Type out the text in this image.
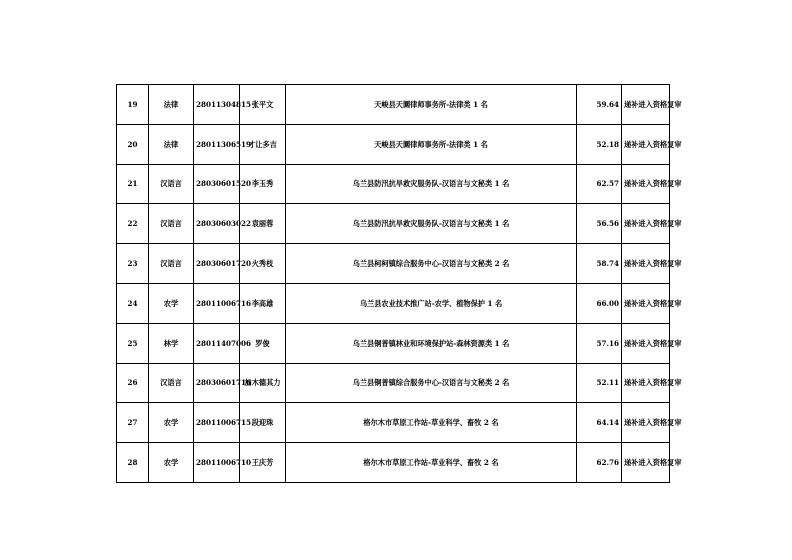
19	法律	28011304815	张平文	天峻县天圜律师事务所-法律类 1 名	59.64	递补进入资格复审
20	法律	28011306519	才让多吉	天峻县天圜律师事务所-法律类 1 名	52.18	递补进入资格复审
21	汉语言	28030601520	李玉秀	乌兰县防汛抗旱救灾服务队-汉语言与文秘类 1 名	62.57	递补进入资格复审
22	汉语言	28030603022	袁丽蓉	乌兰县防汛抗旱救灾服务队-汉语言与文秘类 1 名	56.56	递补进入资格复审
23	汉语言	28030601720	火秀枝	乌兰县柯柯镇综合服务中心-汉语言与文秘类 2 名	58.74	递补进入资格复审
24	农学	28011006716	李高雄	乌兰县农业技术推广站-农学、植物保护 1 名	66.00	递补进入资格复审
25	林学	28011407006	罗俊	乌兰县铜普镇林业和环境保护站-森林资源类 1 名	57.16	递补进入资格复审
26	汉语言	28030601716	加木德其力	乌兰县铜普镇综合服务中心-汉语言与文秘类 2 名	52.11	递补进入资格复审
27	农学	28011006715	段迎珠	格尔木市草原工作站-草业科学、畜牧 2 名	64.14	递补进入资格复审
28	农学	28011006710	王庆芳	格尔木市草原工作站-草业科学、畜牧 2 名	62.76	递补进入资格复审
